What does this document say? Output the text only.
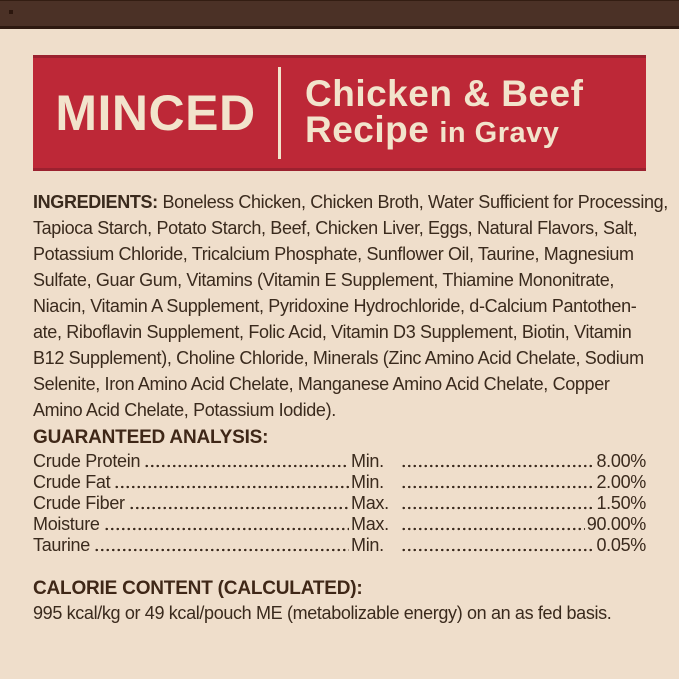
MINCED Chicken & Beef
Recipe in Gravy
INGREDIENTS: Boneless Chicken, Chicken Broth, Water Sufficient for Processing,
Tapioca Starch, Potato Starch, Beef, Chicken Liver, Eggs, Natural Flavors, Salt,
Potassium Chloride, Tricalcium Phosphate, Sunflower Oil, Taurine, Magnesium
Sulfate, Guar Gum, Vitamins (Vitamin E Supplement, Thiamine Mononitrate,
Niacin, Vitamin A Supplement, Pyridoxine Hydrochloride, d-Calcium Pantothen-
ate, Riboflavin Supplement, Folic Acid, Vitamin D3 Supplement, Biotin, Vitamin
B12 Supplement), Choline Chloride, Minerals (Zinc Amino Acid Chelate, Sodium
Selenite, Iron Amino Acid Chelate, Manganese Amino Acid Chelate, Copper
Amino Acid Chelate, Potassium Iodide).
GUARANTEED ANALYSIS:
Crude Protein	Min.	8.00%
Crude Fat	Min.	2.00%
Crude Fiber	Max.	1.50%
Moisture	Max.	90.00%
Taurine	Min.	0.05%
CALORIE CONTENT (CALCULATED):
995 kcal/kg or 49 kcal/pouch ME (metabolizable energy) on an as fed basis.
